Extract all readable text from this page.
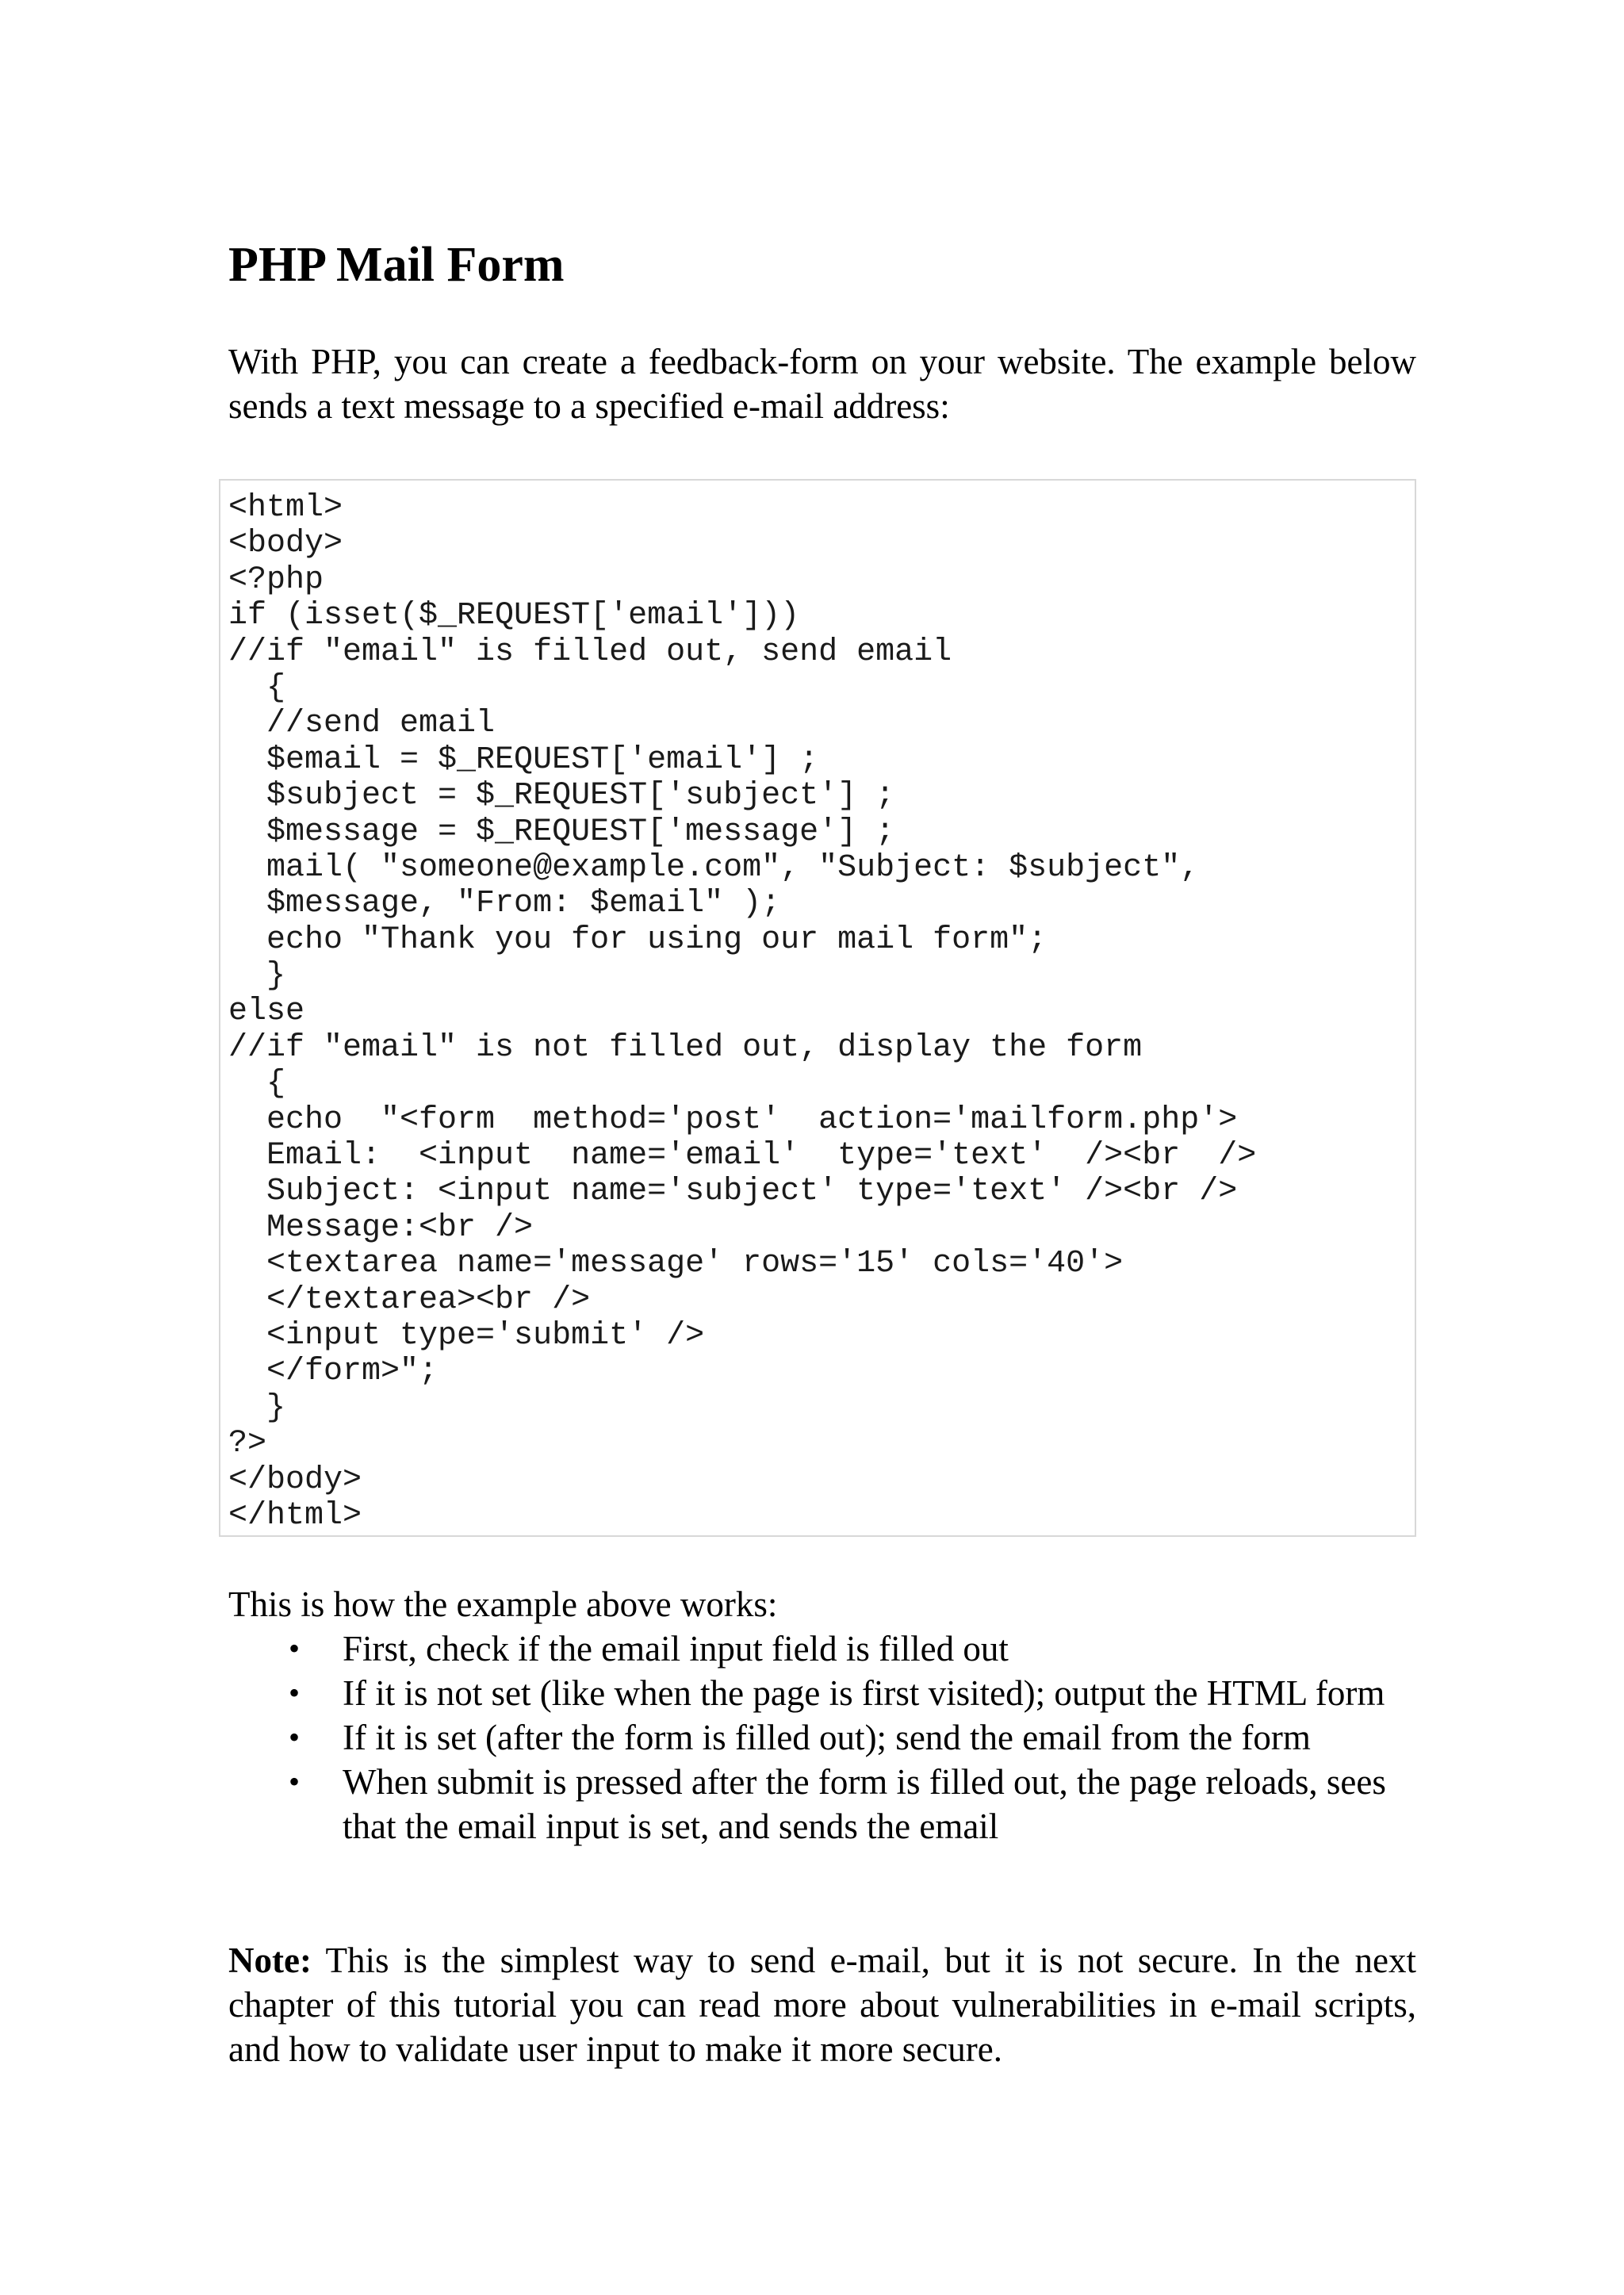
PHP Mail Form

With PHP, you can create a feedback-form on your website. The example below sends a text message to a specified e-mail address:

<html>
<body>
<?php
if (isset($_REQUEST['email']))
//if "email" is filled out, send email
{
//send email
$email = $_REQUEST['email'] ;
$subject = $_REQUEST['subject'] ;
$message = $_REQUEST['message'] ;
mail( "someone@example.com", "Subject: $subject",
$message, "From: $email" );
echo "Thank you for using our mail form";
}
else
//if "email" is not filled out, display the form
{
echo  "<form  method='post'  action='mailform.php'>
Email:  <input  name='email'  type='text'  /><br  />
Subject: <input name='subject' type='text' /><br />
Message:<br />
<textarea name='message' rows='15' cols='40'>
</textarea><br />
<input type='submit' />
</form>";
}
?>
</body>
</html>

This is how the example above works:

• First, check if the email input field is filled out
• If it is not set (like when the page is first visited); output the HTML form
• If it is set (after the form is filled out); send the email from the form
• When submit is pressed after the form is filled out, the page reloads, sees that the email input is set, and sends the email

Note: This is the simplest way to send e-mail, but it is not secure. In the next chapter of this tutorial you can read more about vulnerabilities in e-mail scripts, and how to validate user input to make it more secure.
